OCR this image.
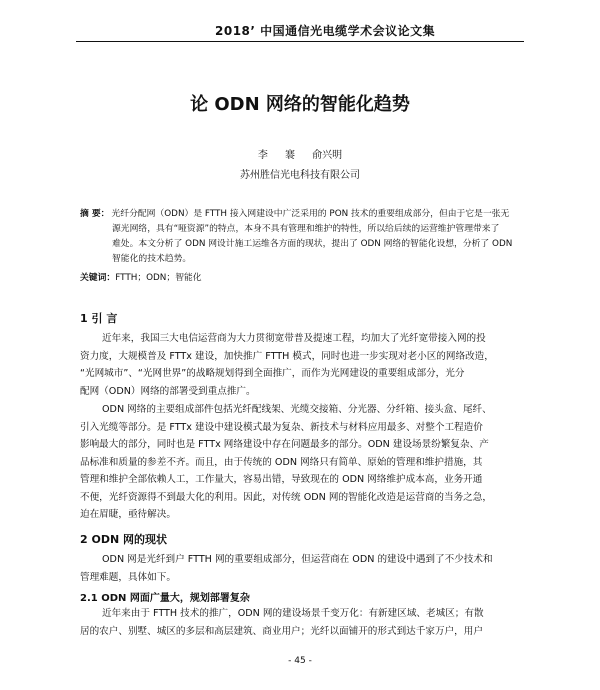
2018’ 中国通信光电缆学术会议论文集
论 ODN 网络的智能化趋势
李 褰 俞兴明
苏州胜信光电科技有限公司
摘 要： 光纤分配网（ODN）是 FTTH 接入网建设中广泛采用的 PON 技术的重要组成部分，但由于它是一张无
源光网络，具有“哑资源”的特点，本身不具有管理和维护的特性，所以给后续的运营维护管理带来了
难处。本文分析了 ODN 网设计施工运维各方面的现状，提出了 ODN 网络的智能化设想，分析了 ODN
智能化的技术趋势。
关键词：FTTH；ODN；智能化
1 引 言
近年来，我国三大电信运营商为大力贯彻宽带普及提速工程，均加大了光纤宽带接入网的投
资力度，大规模普及 FTTx 建设，加快推广 FTTH 模式，同时也进一步实现对老小区的网络改造，
“光网城市”、“光网世界”的战略规划得到全面推广，而作为光网建设的重要组成部分，光分
配网（ODN）网络的部署受到重点推广。
ODN 网络的主要组成部件包括光纤配线架、光缆交接箱、分光器、分纤箱、接头盒、尾纤、
引入光缆等部分。是 FTTx 建设中建设模式最为复杂、新技术与材料应用最多、对整个工程造价
影响最大的部分，同时也是 FTTx 网络建设中存在问题最多的部分。ODN 建设场景纷繁复杂、产
品标准和质量的参差不齐。而且，由于传统的 ODN 网络只有简单、原始的管理和维护措施，其
管理和维护全部依赖人工，工作量大，容易出错，导致现在的 ODN 网络维护成本高，业务开通
不便，光纤资源得不到最大化的利用。因此，对传统 ODN 网的智能化改造是运营商的当务之急，
迫在眉睫，亟待解决。
2 ODN 网的现状
ODN 网是光纤到户 FTTH 网的重要组成部分，但运营商在 ODN 的建设中遇到了不少技术和
管理难题，具体如下。
2.1 ODN 网面广量大，规划部署复杂
近年来由于 FTTH 技术的推广，ODN 网的建设场景千变万化：有新建区域、老城区；有散
居的农户、别墅、城区的多层和高层建筑、商业用户；光纤以面铺开的形式到达千家万户，用户
- 45 -
